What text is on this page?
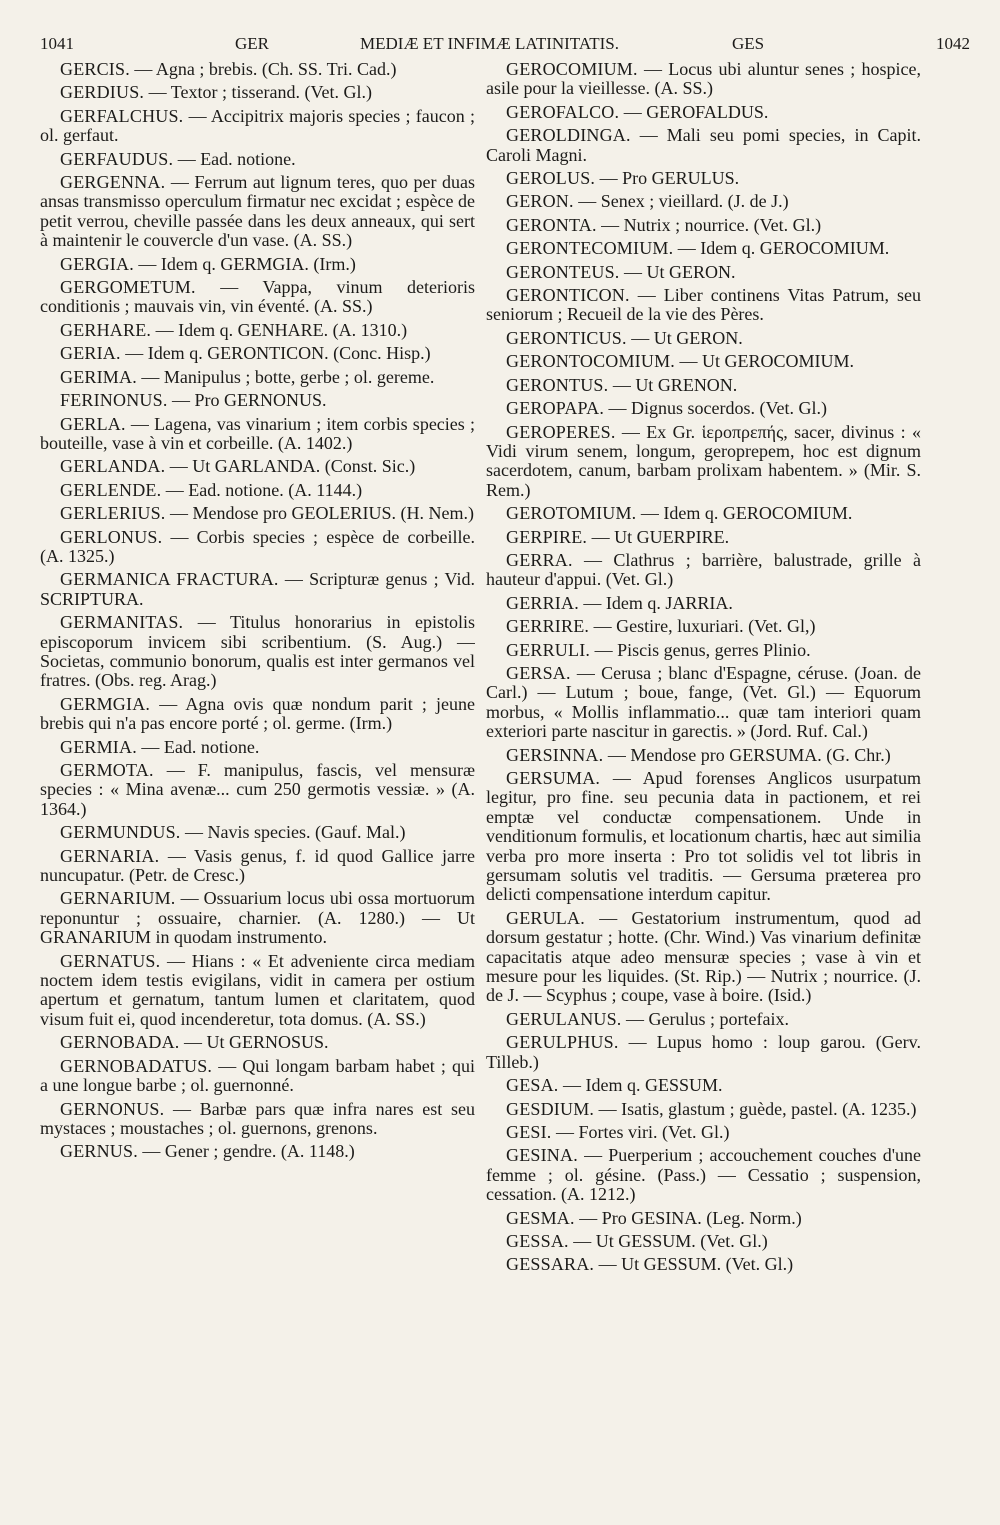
1041	GER	MEDIÆ ET INFIMÆ LATINITATIS.	GES	1042

GERCIS. — Agna ; brebis. (Ch. SS. Tri. Cad.)

GERDIUS. — Textor ; tisserand. (Vet. Gl.)

GERFALCHUS. — Accipitrix majoris species ; faucon ; ol. gerfaut.

GERFAUDUS. — Ead. notione.

GERGENNA. — Ferrum aut lignum teres, quo per duas ansas transmisso operculum firmatur nec excidat ; espèce de petit verrou, cheville passée dans les deux anneaux, qui sert à maintenir le couvercle d'un vase. (A. SS.)

GERGIA. — Idem q. GERMGIA. (Irm.)

GERGOMETUM. — Vappa, vinum deterioris conditionis ; mauvais vin, vin éventé. (A. SS.)

GERHARE. — Idem q. GENHARE. (A. 1310.)

GERIA. — Idem q. GERONTICON. (Conc. Hisp.)

GERIMA. — Manipulus ; botte, gerbe ; ol. gereme.

FERINONUS. — Pro GERNONUS.

GERLA. — Lagena, vas vinarium ; item corbis species ; bouteille, vase à vin et corbeille. (A. 1402.)

GERLANDA. — Ut GARLANDA. (Const. Sic.)

GERLENDE. — Ead. notione. (A. 1144.)

GERLERIUS. — Mendose pro GEOLERIUS. (H. Nem.)

GERLONUS. — Corbis species ; espèce de corbeille. (A. 1325.)

GERMANICA FRACTURA. — Scripturæ genus ; Vid. SCRIPTURA.

GERMANITAS. — Titulus honorarius in epistolis episcoporum invicem sibi scribentium. (S. Aug.) — Societas, communio bonorum, qualis est inter germanos vel fratres. (Obs. reg. Arag.)

GERMGIA. — Agna ovis quæ nondum parit ; jeune brebis qui n'a pas encore porté ; ol. germe. (Irm.)

GERMIA. — Ead. notione.

GERMOTA. — F. manipulus, fascis, vel mensuræ species : « Mina avenæ... cum 250 germotis vessiæ. » (A. 1364.)

GERMUNDUS. — Navis species. (Gauf. Mal.)

GERNARIA. — Vasis genus, f. id quod Gallice jarre nuncupatur. (Petr. de Cresc.)

GERNARIUM. — Ossuarium locus ubi ossa mortuorum reponuntur ; ossuaire, charnier. (A. 1280.) — Ut GRANARIUM in quodam instrumento.

GERNATUS. — Hians : « Et adveniente circa mediam noctem idem testis evigilans, vidit in camera per ostium apertum et gernatum, tantum lumen et claritatem, quod visum fuit ei, quod incenderetur, tota domus. (A. SS.)

GERNOBADA. — Ut GERNOSUS.

GERNOBADATUS. — Qui longam barbam habet ; qui a une longue barbe ; ol. guernonné.

GERNONUS. — Barbæ pars quæ infra nares est seu mystaces ; moustaches ; ol. guernons, grenons.

GERNUS. — Gener ; gendre. (A. 1148.)

GEROCOMIUM. — Locus ubi aluntur senes ; hospice, asile pour la vieillesse. (A. SS.)

GEROFALCO. — GEROFALDUS.

GEROLDINGA. — Mali seu pomi species, in Capit. Caroli Magni.

GEROLUS. — Pro GERULUS.

GERON. — Senex ; vieillard. (J. de J.)

GERONTA. — Nutrix ; nourrice. (Vet. Gl.)

GERONTECOMIUM. — Idem q. GEROCOMIUM.

GERONTEUS. — Ut GERON.

GERONTICON. — Liber continens Vitas Patrum, seu seniorum ; Recueil de la vie des Pères.

GERONTICUS. — Ut GERON.

GERONTOCOMIUM. — Ut GEROCOMIUM.

GERONTUS. — Ut GRENON.

GEROPAPA. — Dignus socerdos. (Vet. Gl.)

GEROPERES. — Ex Gr. ἱεροπρεπής, sacer, divinus : « Vidi virum senem, longum, geroprepem, hoc est dignum sacerdotem, canum, barbam prolixam habentem. » (Mir. S. Rem.)

GEROTOMIUM. — Idem q. GEROCOMIUM.

GERPIRE. — Ut GUERPIRE.

GERRA. — Clathrus ; barrière, balustrade, grille à hauteur d'appui. (Vet. Gl.)

GERRIA. — Idem q. JARRIA.

GERRIRE. — Gestire, luxuriari. (Vet. Gl,)

GERRULI. — Piscis genus, gerres Plinio.

GERSA. — Cerusa ; blanc d'Espagne, céruse. (Joan. de Carl.) — Lutum ; boue, fange, (Vet. Gl.) — Equorum morbus, « Mollis inflammatio... quæ tam interiori quam exteriori parte nascitur in garectis. » (Jord. Ruf. Cal.)

GERSINNA. — Mendose pro GERSUMA. (G. Chr.)

GERSUMA. — Apud forenses Anglicos usurpatum legitur, pro fine. seu pecunia data in pactionem, et rei emptæ vel conductæ compensationem. Unde in venditionum formulis, et locationum chartis, hæc aut similia verba pro more inserta : Pro tot solidis vel tot libris in gersumam solutis vel traditis. — Gersuma præterea pro delicti compensatione interdum capitur.

GERULA. — Gestatorium instrumentum, quod ad dorsum gestatur ; hotte. (Chr. Wind.) Vas vinarium definitæ capacitatis atque adeo mensuræ species ; vase à vin et mesure pour les liquides. (St. Rip.) — Nutrix ; nourrice. (J. de J. — Scyphus ; coupe, vase à boire. (Isid.)

GERULANUS. — Gerulus ; portefaix.

GERULPHUS. — Lupus homo : loup garou. (Gerv. Tilleb.)

GESA. — Idem q. GESSUM.

GESDIUM. — Isatis, glastum ; guède, pastel. (A. 1235.)

GESI. — Fortes viri. (Vet. Gl.)

GESINA. — Puerperium ; accouchement couches d'une femme ; ol. gésine. (Pass.) — Cessatio ; suspension, cessation. (A. 1212.)

GESMA. — Pro GESINA. (Leg. Norm.)

GESSA. — Ut GESSUM. (Vet. Gl.)

GESSARA. — Ut GESSUM. (Vet. Gl.)
